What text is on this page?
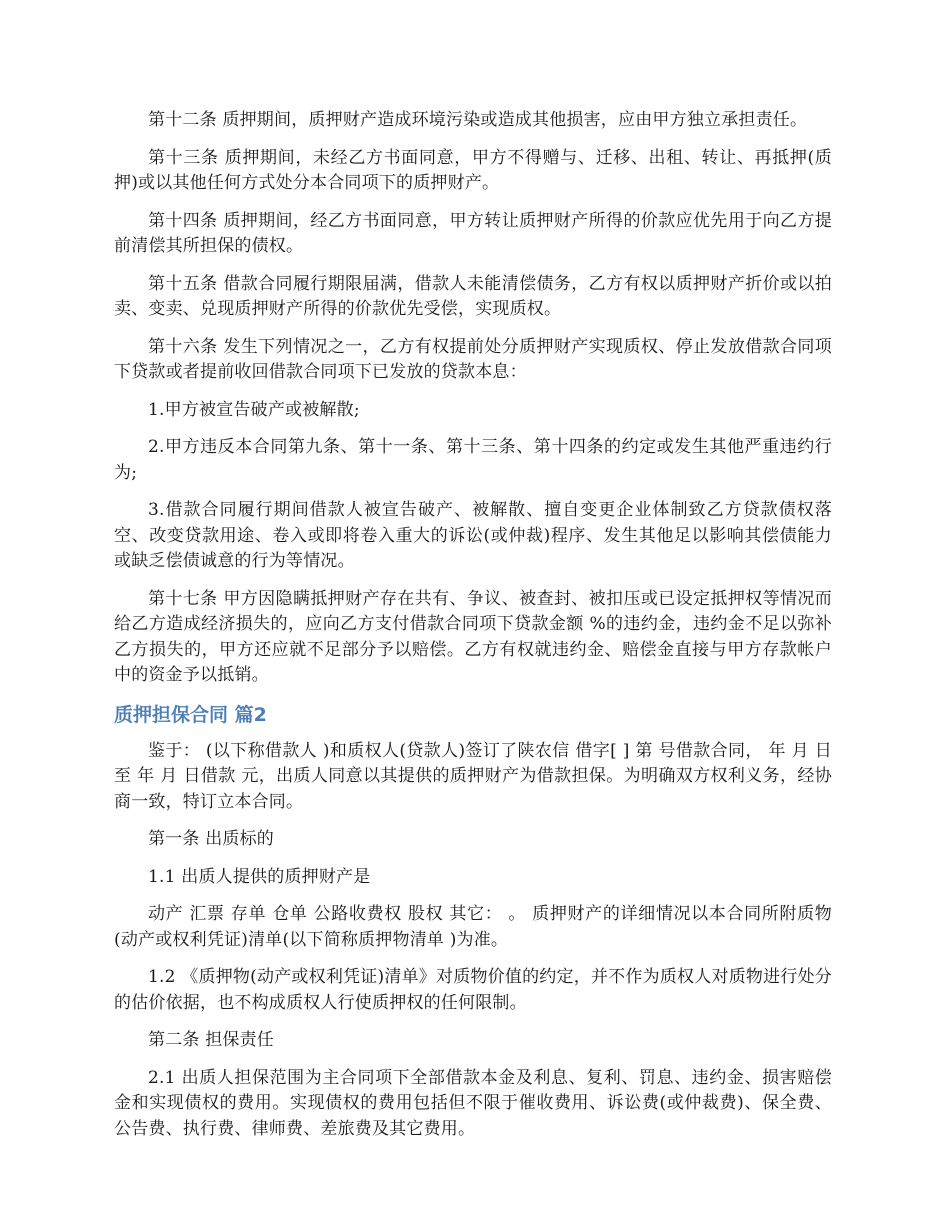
第十二条 质押期间，质押财产造成环境污染或造成其他损害，应由甲方独立承担责任。

第十三条 质押期间，未经乙方书面同意，甲方不得赠与、迁移、出租、转让、再抵押(质押)或以其他任何方式处分本合同项下的质押财产。

第十四条 质押期间，经乙方书面同意，甲方转让质押财产所得的价款应优先用于向乙方提前清偿其所担保的债权。

第十五条 借款合同履行期限届满，借款人未能清偿债务，乙方有权以质押财产折价或以拍卖、变卖、兑现质押财产所得的价款优先受偿，实现质权。

第十六条 发生下列情况之一，乙方有权提前处分质押财产实现质权、停止发放借款合同项下贷款或者提前收回借款合同项下已发放的贷款本息：

1.甲方被宣告破产或被解散;

2.甲方违反本合同第九条、第十一条、第十三条、第十四条的约定或发生其他严重违约行为;

3.借款合同履行期间借款人被宣告破产、被解散、擅自变更企业体制致乙方贷款债权落空、改变贷款用途、卷入或即将卷入重大的诉讼(或仲裁)程序、发生其他足以影响其偿债能力或缺乏偿债诚意的行为等情况。

第十七条 甲方因隐瞒抵押财产存在共有、争议、被查封、被扣压或已设定抵押权等情况而给乙方造成经济损失的，应向乙方支付借款合同项下贷款金额 %的违约金，违约金不足以弥补乙方损失的，甲方还应就不足部分予以赔偿。乙方有权就违约金、赔偿金直接与甲方存款帐户中的资金予以抵销。

质押担保合同 篇2

鉴于： (以下称借款人 )和质权人(贷款人)签订了陕农信 借字[ ] 第 号借款合同， 年 月 日至 年 月 日借款 元，出质人同意以其提供的质押财产为借款担保。为明确双方权利义务，经协商一致，特订立本合同。

第一条 出质标的

1.1 出质人提供的质押财产是

动产 汇票 存单 仓单 公路收费权 股权 其它： 。 质押财产的详细情况以本合同所附质物(动产或权利凭证)清单(以下简称质押物清单 )为准。

1.2 《质押物(动产或权利凭证)清单》对质物价值的约定，并不作为质权人对质物进行处分的估价依据，也不构成质权人行使质押权的任何限制。

第二条 担保责任

2.1 出质人担保范围为主合同项下全部借款本金及利息、复利、罚息、违约金、损害赔偿金和实现债权的费用。实现债权的费用包括但不限于催收费用、诉讼费(或仲裁费)、保全费、公告费、执行费、律师费、差旅费及其它费用。
